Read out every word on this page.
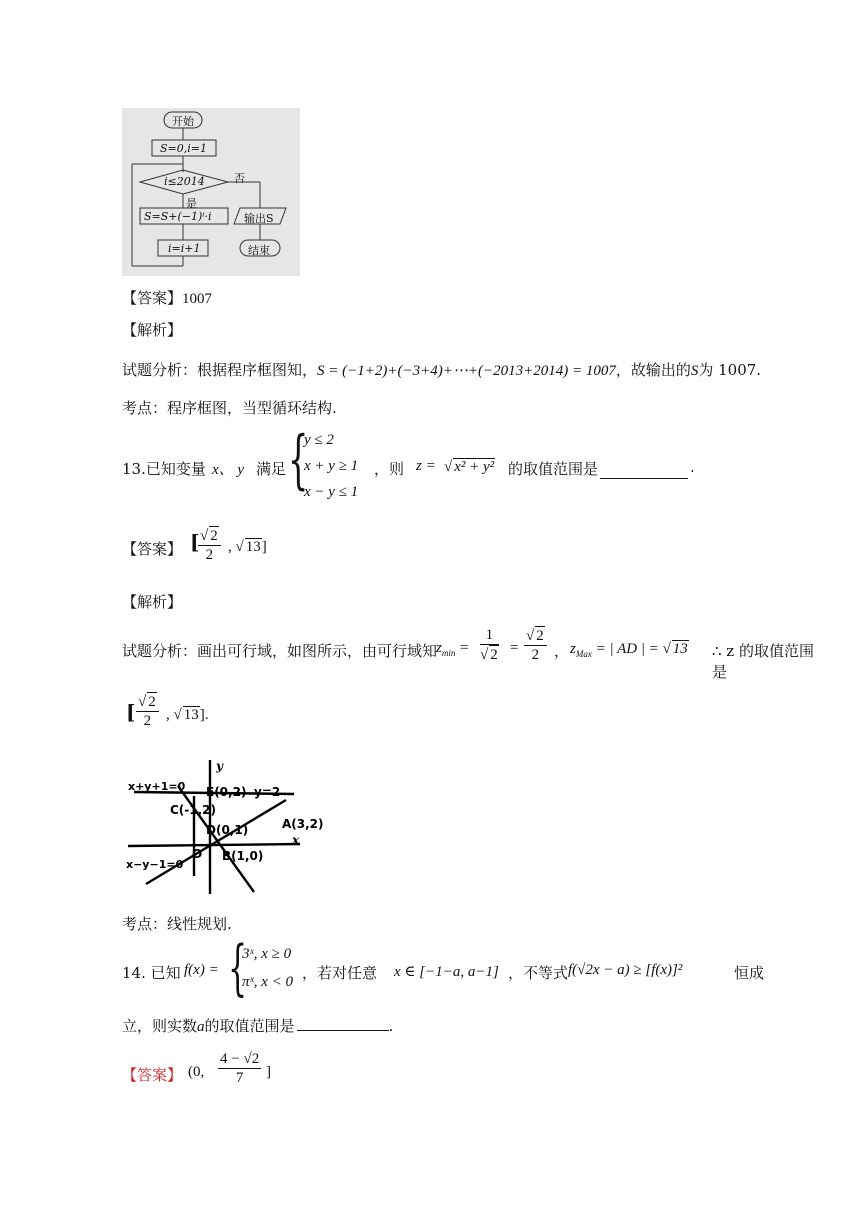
开始
S=0,i=1
i≤2014	否
是
S=S+(−1)ⁱ·i
i=i+1
输出S
结束
【答案】1007
【解析】
试题分析：根据程序框图知，S = (−1+2)+(−3+4)+⋯+(−2013+2014) = 1007，故输出的S为 1007.
考点：程序框图，当型循环结构.
13.已知变量 x、 y 满足 {
y ≤ 2
x + y ≥ 1
x − y ≤ 1
，则 z = √ x² + y² 的取值范围是	.
【答案】 [
$\frac{√ 2}{2}$ , √ 13]
【解析】
试题分析：画出可行域，如图所示，由可行域知
$z_{min} = \frac{1}{√ 2} = \frac{√ 2}{2}$ ， $z_{Max}$ = | AD | = √ 13 ∴ z 的取值范围是
[ $\frac{√ 2}{2}$ , √ 13].
y
x
x+y+1=0 E(0,2) y=2
C(-1,2)
D(0,1)	A(3,2)
O B(1,0)
x−y−1=0
考点：线性规划.
14. 已知 f(x) = {
3ˣ, x ≥ 0
πˣ, x < 0 ，若对任意 x ∈ [−1−a, a−1] ，不等式 f(√2x − a) ≥ [f(x)]²	恒成
立，则实数a的取值范围是	.
【答案】 (0, $\frac{4 - √2}{7}$ ]
